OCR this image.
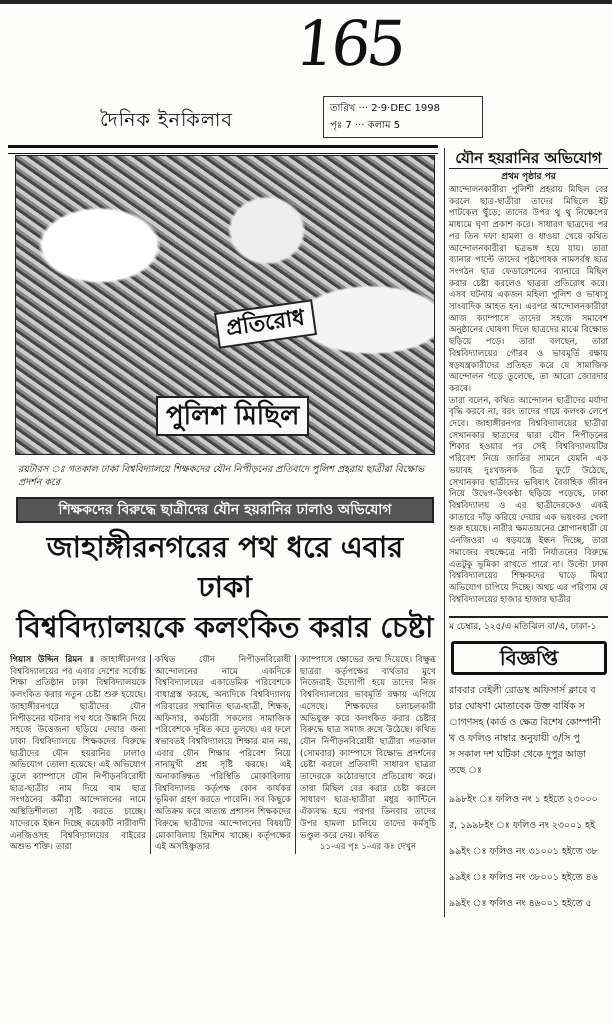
165
দৈনিক ইনকিলাব
তারিখ ··· 2·9·DEC 1998
পৃঃ 7 ··· কলাম 5
প্রতিরোধ
পুলিশ মিছিল
রয়টারস ঃ গতকাল ঢাকা বিশ্ববিদ্যালয়ে শিক্ষকদের যৌন নিপীড়নের প্রতিবাদে পুলিশ প্রহরায় ছাত্রীরা বিক্ষোভ প্রদর্শন করে
শিক্ষকদের বিরুদ্ধে ছাত্রীদের যৌন হয়রানির ঢালাও অভিযোগ
জাহাঙ্গীরনগরের পথ ধরে এবার ঢাকা
বিশ্ববিদ্যালয়কে কলংকিত করার চেষ্টা
গিয়াস উদ্দিন রিমন ॥ জাহাঙ্গীরনগর বিশ্ববিদ্যালয়ের পর এবার দেশের সর্বোচ্চ শিক্ষা প্রতিষ্ঠান ঢাকা বিশ্ববিদ্যালয়কে কলংকিত করার নতুন চেষ্টা শুরু হয়েছে। জাহাঙ্গীরনগরে ছাত্রীদের যৌন নিপীড়নের ঘটনার পথ ধরে উষ্কানি দিয়ে সহজে উত্তেজনা ছড়িয়ে দেয়ার জন্য ঢাকা বিশ্ববিদ্যালয়ে শিক্ষকদের বিরুদ্ধে ছাত্রীদের যৌন হয়রানির ঢালাও অভিযোগ তোলা হয়েছে। এই অভিযোগ তুলে ক্যাম্পাসে যৌন নিপীড়নবিরোধী ছাত্র-ছাত্রীর নাম দিয়ে বাম ছাত্র সংগঠনের কর্মীরা আন্দোলনের নামে অস্থিতিশীলতা সৃষ্টি করতে চাচ্ছে। যাদেরকে ইন্ধন দিচ্ছে কয়েকটি নারীবাদী এনজিওসহ বিশ্ববিদ্যালয়ের বাইরের অশুভ শক্তি। তারা
কথিত যৌন নিপীড়নবিরোধী আন্দোলনের নামে একদিকে বিশ্ববিদ্যালয়ের একাডেমিক পরিবেশকে বাধাগ্রস্ত করছে, অন্যদিকে বিশ্ববিদ্যালয় পরিবারের সম্মানিত ছাত্র-ছাত্রী, শিক্ষক, অফিসার, কর্মচারী সকলের সামাজিক পরিবেশকে দূষিত করে তুলছে। এর ফলে স্বভাবতই বিশ্ববিদ্যালয়ে শিক্ষার মান নয়, এবার যৌন শিক্ষার পরিবেশ নিয়ে নানামুখী প্রশ্ন সৃষ্টি করছে। এই অনাকাঙ্ক্ষিত পরিস্থিতি মোকাবিলায় বিশ্ববিদ্যালয় কর্তৃপক্ষ কোন কার্যকর ভূমিকা গ্রহণ করতে পারেনি। সব কিছুকে অতিক্রম করে অত্যন্ত প্রশাসন শিক্ষকদের বিরুদ্ধে ছাত্রীদের আন্দোলনের বিষয়টি মোকাবিলায় হিমশিম খাচ্ছে। কর্তৃপক্ষের এই অসহিষ্ণুতার
ক্যাম্পাসে ক্ষোভের জন্ম দিয়েছে। বিক্ষুব্ধ ছাত্ররা কর্তৃপক্ষের ব্যর্থতার মুখে নিজেরাই উদ্যোগী হয়ে তাদের নিজ বিশ্ববিদ্যালয়ের ভাবমূর্তি রক্ষায় এগিয়ে এসেছে। শিক্ষকদের চলাচলকারী অভিযুক্ত করে কলংকিত করার চেষ্টার বিরুদ্ধে ছাত্র সমাজ রুখে উঠেছে। কথিত যৌন নিপীড়নবিরোধী ছাত্রীরা গতকাল (সোমবার) ক্যাম্পাসে বিক্ষোভ প্রদর্শনের চেষ্টা করলে প্রতিবাদী সাধারণ ছাত্ররা তাদেরকে কঠোরভাবে প্রতিরোধ করে। তারা মিছিল বের করার চেষ্টা করলে সাধারণ ছাত্র-ছাত্রীরা মধুর ক্যান্টিনে ঐক্যবদ্ধ হয়ে পরপর তিনবার তাদের উপর হামলা চালিয়ে তাদের কর্মসূচি ভণ্ডুল করে দেয়। কথিত
১১-এর পৃঃ ১-এর কঃ দেখুন
যৌন হয়রানির অভিযোগ
প্রথম পৃষ্ঠার পর
আন্দোলনকারীরা পুলিশী প্রহরায় মিছিল বের করলে ছাত্র-ছাত্রীরা তাদের মিছিলে ইট পাটকেল ছুঁড়ে; তাদের উপর থু থু নিক্ষেপের মাধ্যমে ঘৃণা প্রকাশ করে। সাধারণ ছাত্রদের পর পর তিন দফা হামলা ও ধাওয়া খেয়ে কথিত আন্দোলনকারীরা ছত্রভঙ্গ হয়ে যায়। তারা ব্যানার পাল্টে তাদের পৃষ্ঠপোষক নামসর্বস্ব ছাত্র সংগঠন ছাত্র ফেডারেশনের ব্যানারে মিছিল করার চেষ্টা করলেও ছাত্ররা প্রতিরোধ করে। এসব ঘটনায় একজন মহিলা পুলিশ ও ভাষাসু সাংবাদিক আহত হন। এরপর আন্দোলনকারীরা আজ ক্যাম্পাসে তাদের সহজে সমাবেশ অনুষ্ঠানের ঘোষণা দিলে ছাত্রদের মাঝে বিক্ষোভ ছড়িয়ে পড়ে। তারা বলছেন, তারা বিশ্ববিদ্যালয়ের গৌরব ও ভাবমূর্তি রক্ষায় ষড়যন্ত্রকারীদের প্রতিহত করে যে সামাজিক আন্দোলন গড়ে তুলেছে, তা আরো জোরদার করবে।
তারা বলেন, কথিত আন্দোলন ছাত্রীদের মর্যাদা বৃদ্ধি করবে না, বরং তাদের গায়ে কলংক লেপে দেবে। জাহাঙ্গীরনগর বিশ্ববিদ্যালয়ের ছাত্রীরা সেখানকার ছাত্রদের দ্বারা যৌন নিপীড়নের শিকার হওয়ার পর সেই বিশ্ববিদ্যালয়টির পরিবেশ নিয়ে জাতির সামনে যেমনি এক ভয়াবহ দুঃখজনক চিত্র ফুটে উঠেছে, সেখানকার ছাত্রীদের ভবিষ্যৎ বৈবাহিক জীবন নিয়ে উদ্বেগ-উৎকণ্ঠা ছড়িয়ে পড়েছে, ঢাকা বিশ্ববিদ্যালয় ও এর ছাত্রীদেরকেও একই কাতারে দাঁড় করিয়ে দেয়ার এক ভয়ংকর খেলা শুরু হয়েছে। নারীর ক্ষমতায়নের শ্লোগানধারী যে এনজিওরা এ ষড়যন্ত্রে ইন্ধন দিচ্ছে, তারা সমাজের বহুক্ষেত্রে নারী নির্যাতনের বিরুদ্ধে এতটুকু ভূমিকা রাখতে পারে না। উল্টো ঢাকা বিশ্ববিদ্যালয়ের শিক্ষকদের ঘাড়ে মিথ্যা অভিযোগ চাপিয়ে দিচ্ছে। অথচ এর পরিণাম যে বিশ্ববিদ্যালয়ের হাজার হাজার ছাত্রীর
ম চেম্বার, ১২৫/এ মতিঝিল বা/এ, ঢাকা-১
বিজ্ঞপ্তি
রাববার বেইলী রোডস্থ অফিসার্স ক্লাবে ব
চার ঘোষণা মোতাবেক উক্ত বার্ষিক স
াগণসহ (কার্ড ও ক্ষেত্র বিশেষ কোম্পানী
খ ও ফলিও নাম্বার অনুযায়ী ৩/সি পু
স সকাল দশ ঘটিকা থেকে দুপুর আড়া
তছে ঃ
৯৯৮ইং ঃ ফলিও নং ১ হইতে ২৩০০০
র, ১৯৯৮ইং ঃ ফলিও নং ২৩০০১ হই
৯৯ইং ঃ ফলিও নং ৩১০০১ হইতে ৩৮
৯৯ইং ঃ ফলিও নং ৩৮০০১ হইতে ৪৬
৯৯ইং ঃ ফলিও নং ৪৬০০১ হইতে ৫
